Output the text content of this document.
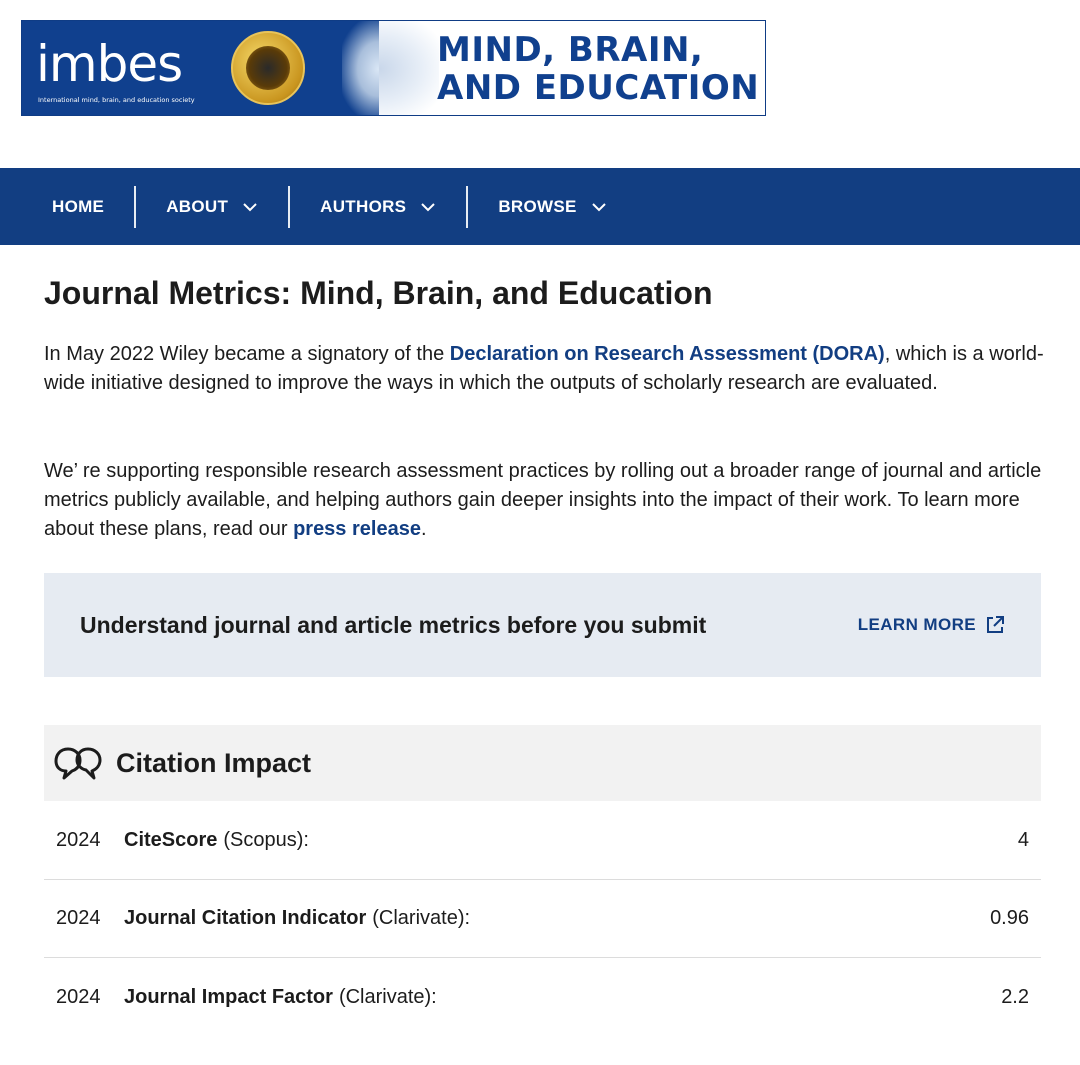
imbes
International mind, brain, and education society
MIND, BRAIN,
AND EDUCATION
HOME	ABOUT	AUTHORS	BROWSE
Journal Metrics: Mind, Brain, and Education

In May 2022 Wiley became a signatory of the Declaration on Research Assessment (DORA), which is a world-wide initiative designed to improve the ways in which the outputs of scholarly research are evaluated.

We’ re supporting responsible research assessment practices by rolling out a broader range of journal and article metrics publicly available, and helping authors gain deeper insights into the impact of their work. To learn more about these plans, read our press release.

Understand journal and article metrics before you submit	LEARN MORE
Citation Impact
2024	CiteScore (Scopus):	4
2024	Journal Citation Indicator (Clarivate):	0.96
2024	Journal Impact Factor (Clarivate):	2.2
